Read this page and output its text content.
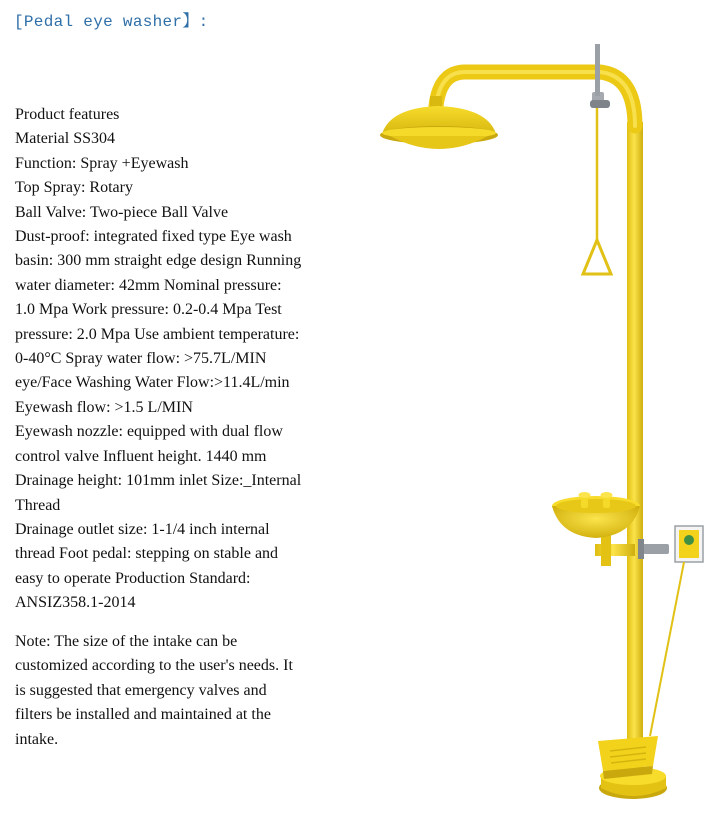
[Pedal eye washer】:
Product features
Material SS304
Function: Spray +Eyewash
Top Spray: Rotary
Ball Valve: Two-piece Ball Valve
Dust-proof: integrated fixed type Eye wash
basin: 300 mm straight edge design Running
water diameter: 42mm Nominal pressure:
1.0 Mpa Work pressure: 0.2-0.4 Mpa Test
pressure: 2.0 Mpa Use ambient temperature:
0-40°C Spray water flow: >75.7L/MIN
eye/Face Washing Water Flow:>11.4L/min
Eyewash flow: >1.5 L/MIN
Eyewash nozzle: equipped with dual flow
control valve Influent height. 1440 mm
Drainage height: 101mm inlet Size:_Internal
Thread
Drainage outlet size: 1-1/4 inch internal
thread Foot pedal: stepping on stable and
easy to operate Production Standard:
ANSIZ358.1-2014
Note: The size of the intake can be
customized according to the user's needs. It
is suggested that emergency valves and
filters be installed and maintained at the
intake.
